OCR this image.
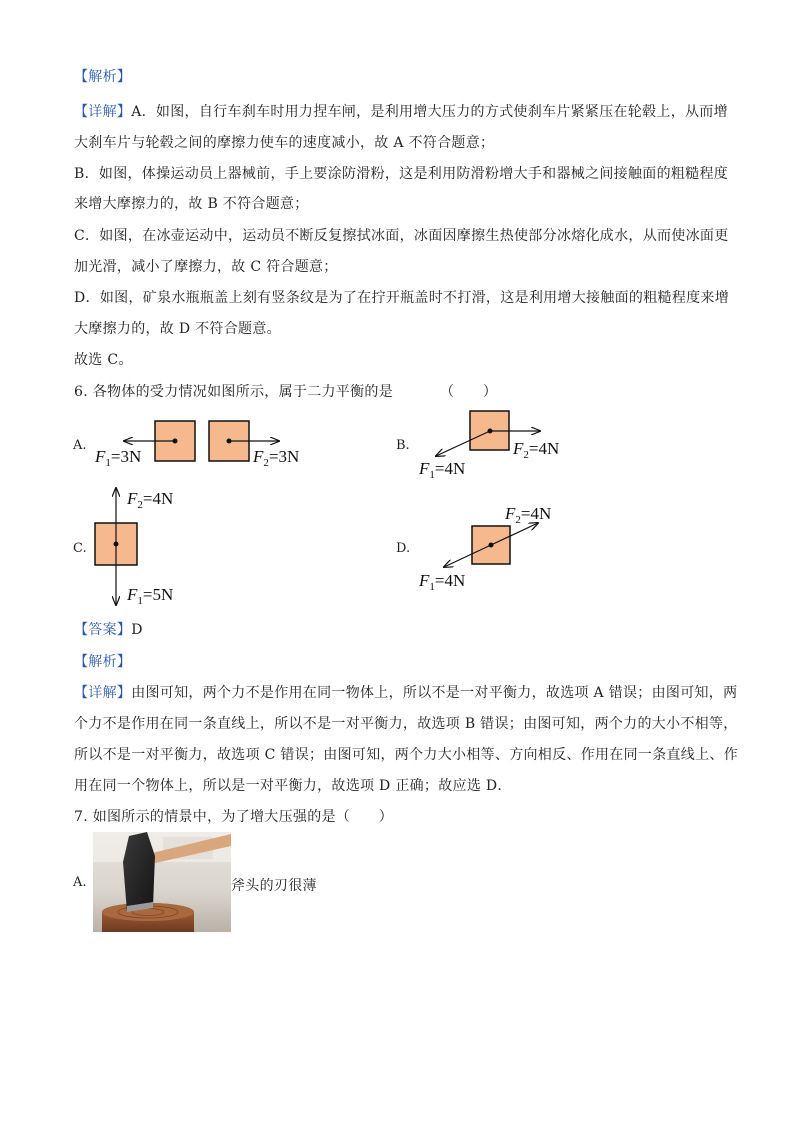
【解析】
【详解】A．如图，自行车刹车时用力捏车闸，是利用增大压力的方式使刹车片紧紧压在轮毂上，从而增
大刹车片与轮毂之间的摩擦力使车的速度减小，故 A 不符合题意；
B．如图，体操运动员上器械前，手上要涂防滑粉，这是利用防滑粉增大手和器械之间接触面的粗糙程度
来增大摩擦力的，故 B 不符合题意；
C．如图，在冰壶运动中，运动员不断反复擦拭冰面，冰面因摩擦生热使部分冰熔化成水，从而使冰面更
加光滑，减小了摩擦力，故 C 符合题意；
D．如图，矿泉水瓶瓶盖上刻有竖条纹是为了在拧开瓶盖时不打滑，这是利用增大接触面的粗糙程度来增
大摩擦力的，故 D 不符合题意。
故选 C。
6. 各物体的受力情况如图所示，属于二力平衡的是	（　　）
A.	B.
C.	D.
$F_1=3N$	$F_2=3N$
$F_1=4N$
$F_2=4N$
$F_2=4N$
$F_1=5N$
$F_2=4N$
$F_1=4N$
【答案】D
【解析】
【详解】由图可知，两个力不是作用在同一物体上，所以不是一对平衡力，故选项 A 错误；由图可知，两
个力不是作用在同一条直线上，所以不是一对平衡力，故选项 B 错误；由图可知，两个力的大小不相等，
所以不是一对平衡力，故选项 C 错误；由图可知，两个力大小相等、方向相反、作用在同一条直线上、作
用在同一个物体上，所以是一对平衡力，故选项 D 正确；故应选 D．
7. 如图所示的情景中，为了增大压强的是（　　）
A.	斧头的刃很薄
